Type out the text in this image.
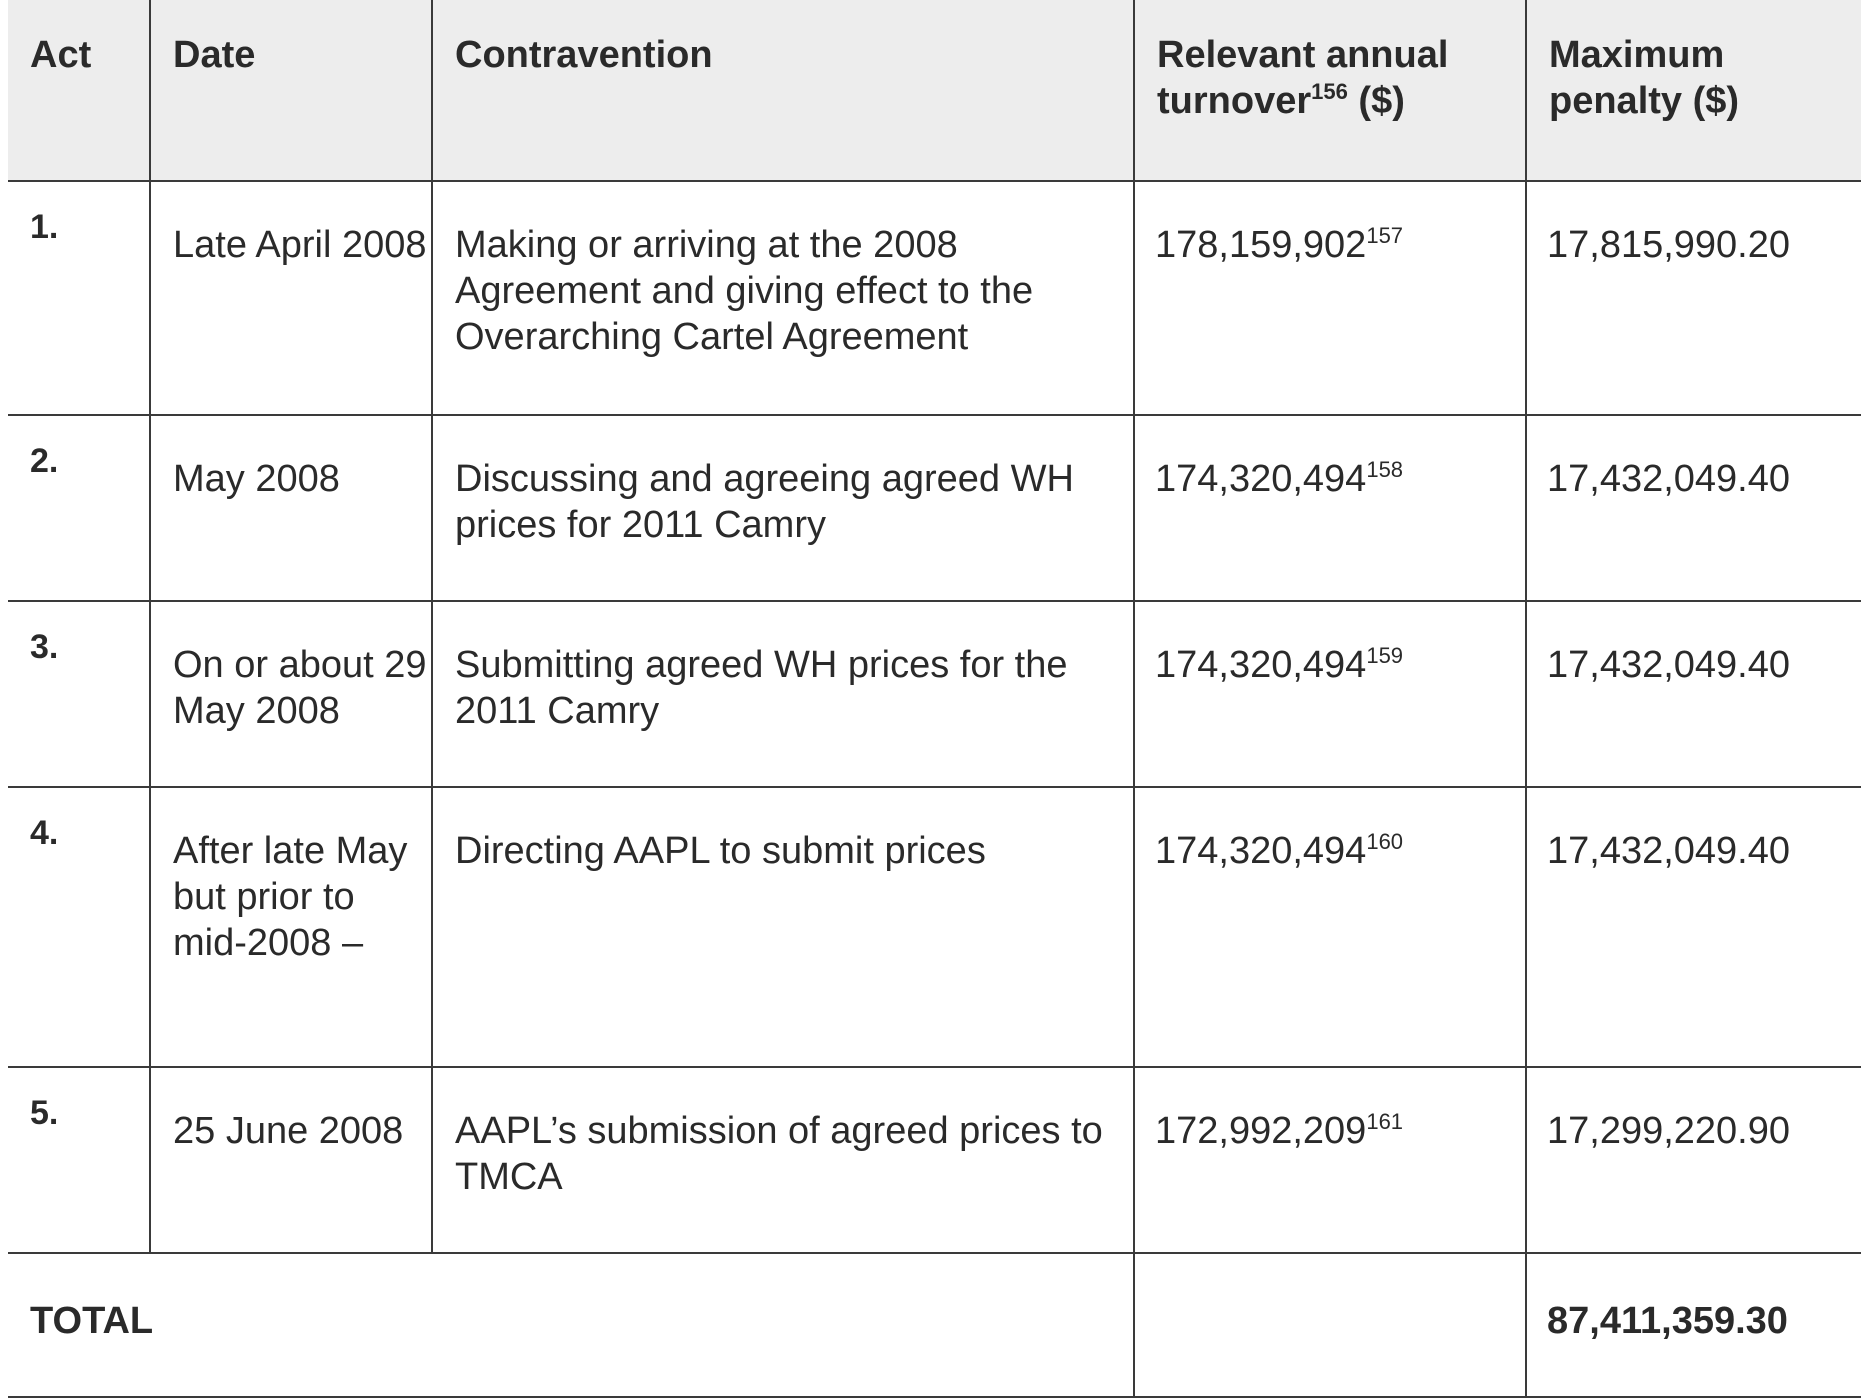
Act	Date	Contravention	Relevant annual turnover$^{156}$ ($)	Maximum penalty ($)
1.	Late April 2008	Making or arriving at the 2008 Agreement and giving effect to the Overarching Cartel Agreement	178,159,902$^{157}$	17,815,990.20
2.	May 2008	Discussing and agreeing agreed WH prices for 2011 Camry	174,320,494$^{158}$	17,432,049.40
3.	On or about 29 May 2008	Submitting agreed WH prices for the 2011 Camry	174,320,494$^{159}$	17,432,049.40
4.	After late May but prior to mid-2008 –	Directing AAPL to submit prices	174,320,494$^{160}$	17,432,049.40
5.	25 June 2008	AAPL’s submission of agreed prices to TMCA	172,992,209$^{161}$	17,299,220.90
TOTAL				87,411,359.30
